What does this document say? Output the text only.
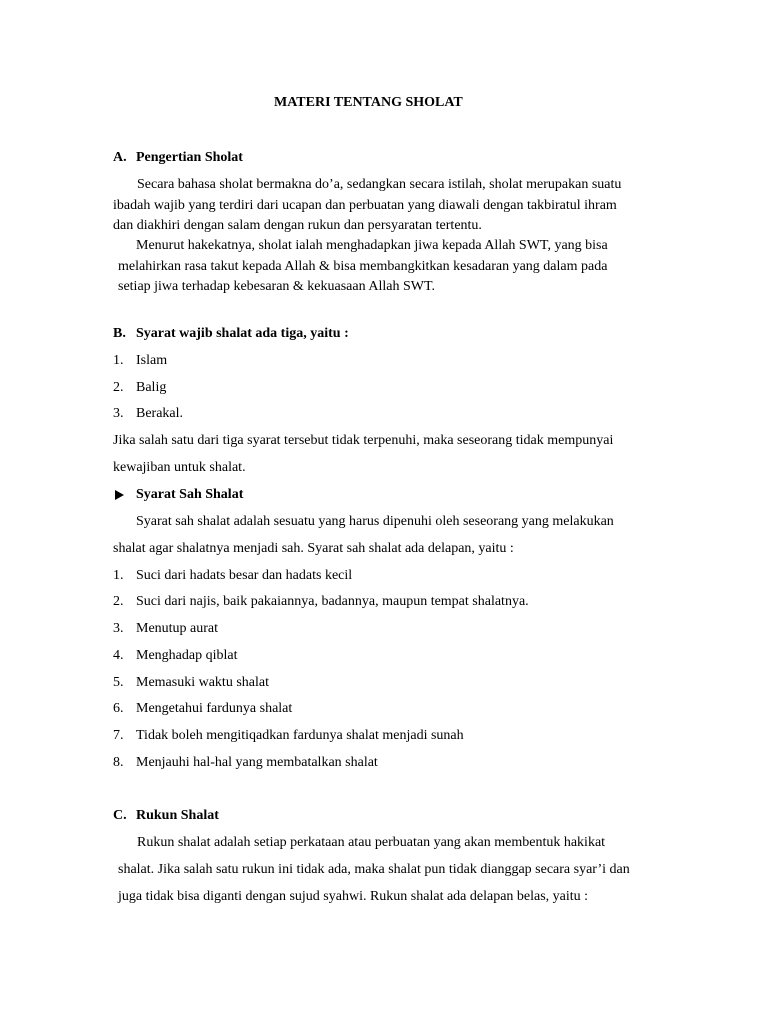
MATERI TENTANG SHOLAT
A. Pengertian Sholat
Secara bahasa sholat bermakna do’a, sedangkan secara istilah, sholat merupakan suatu
ibadah wajib yang terdiri dari ucapan dan perbuatan yang diawali dengan takbiratul ihram
dan diakhiri dengan salam dengan rukun dan persyaratan tertentu.
Menurut hakekatnya, sholat ialah menghadapkan jiwa kepada Allah SWT, yang bisa
melahirkan rasa takut kepada Allah & bisa membangkitkan kesadaran yang dalam pada
setiap jiwa terhadap kebesaran & kekuasaan Allah SWT.
B. Syarat wajib shalat ada tiga, yaitu :
1. Islam
2. Balig
3. Berakal.
Jika salah satu dari tiga syarat tersebut tidak terpenuhi, maka seseorang tidak mempunyai
kewajiban untuk shalat.
Syarat Sah Shalat
Syarat sah shalat adalah sesuatu yang harus dipenuhi oleh seseorang yang melakukan
shalat agar shalatnya menjadi sah. Syarat sah shalat ada delapan, yaitu :
1. Suci dari hadats besar dan hadats kecil
2. Suci dari najis, baik pakaiannya, badannya, maupun tempat shalatnya.
3. Menutup aurat
4. Menghadap qiblat
5. Memasuki waktu shalat
6. Mengetahui fardunya shalat
7. Tidak boleh mengitiqadkan fardunya shalat menjadi sunah
8. Menjauhi hal-hal yang membatalkan shalat
C. Rukun Shalat
Rukun shalat adalah setiap perkataan atau perbuatan yang akan membentuk hakikat
shalat. Jika salah satu rukun ini tidak ada, maka shalat pun tidak dianggap secara syar’i dan
juga tidak bisa diganti dengan sujud syahwi. Rukun shalat ada delapan belas, yaitu :
